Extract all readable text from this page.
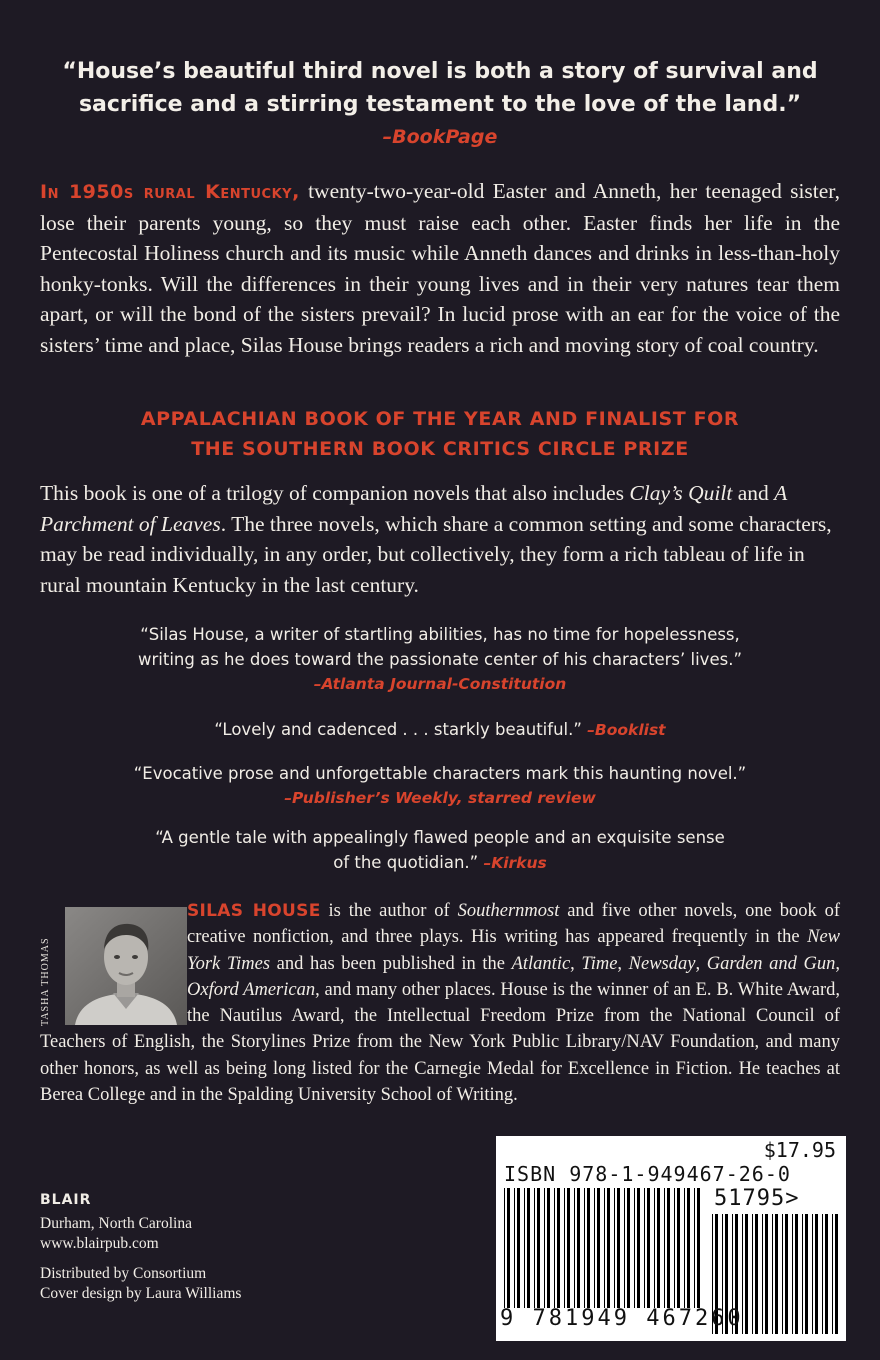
“House’s beautiful third novel is both a story of survival and sacrifice and a stirring testament to the love of the land.”

–BookPage

In 1950s rural Kentucky, twenty-two-year-old Easter and Anneth, her teenaged sister, lose their parents young, so they must raise each other. Easter finds her life in the Pentecostal Holiness church and its music while Anneth dances and drinks in less-than-holy honky-tonks. Will the differences in their young lives and in their very natures tear them apart, or will the bond of the sisters prevail? In lucid prose with an ear for the voice of the sisters’ time and place, Silas House brings readers a rich and moving story of coal country.

APPALACHIAN BOOK OF THE YEAR AND FINALIST FOR
THE SOUTHERN BOOK CRITICS CIRCLE PRIZE

This book is one of a trilogy of companion novels that also includes Clay’s Quilt and A Parchment of Leaves. The three novels, which share a common setting and some characters, may be read individually, in any order, but collectively, they form a rich tableau of life in rural mountain Kentucky in the last century.

“Silas House, a writer of startling abilities, has no time for hopelessness,

writing as he does toward the passionate center of his characters’ lives.”

–Atlanta Journal-Constitution

“Lovely and cadenced . . . starkly beautiful.” –Booklist

“Evocative prose and unforgettable characters mark this haunting novel.”

–Publisher’s Weekly, starred review

“A gentle tale with appealingly flawed people and an exquisite sense

of the quotidian.” –Kirkus

TASHA THOMAS

SILAS HOUSE is the author of Southernmost and five other novels, one book of creative nonfiction, and three plays. His writing has appeared frequently in the New York Times and has been published in the Atlantic, Time, Newsday, Garden and Gun, Oxford American, and many other places. House is the winner of an E. B. White Award, the Nautilus Award, the Intellectual Freedom Prize from the National Council of Teachers of English, the Storylines Prize from the New York Public Library/NAV Foundation, and many other honors, as well as being long listed for the Carnegie Medal for Excellence in Fiction. He teaches at Berea College and in the Spalding University School of Writing.

BLAIR
Durham, North Carolina
www.blairpub.com
Distributed by Consortium
Cover design by Laura Williams
$17.95
ISBN 978-1-949467-26-0
51795>
9 781949 467260
